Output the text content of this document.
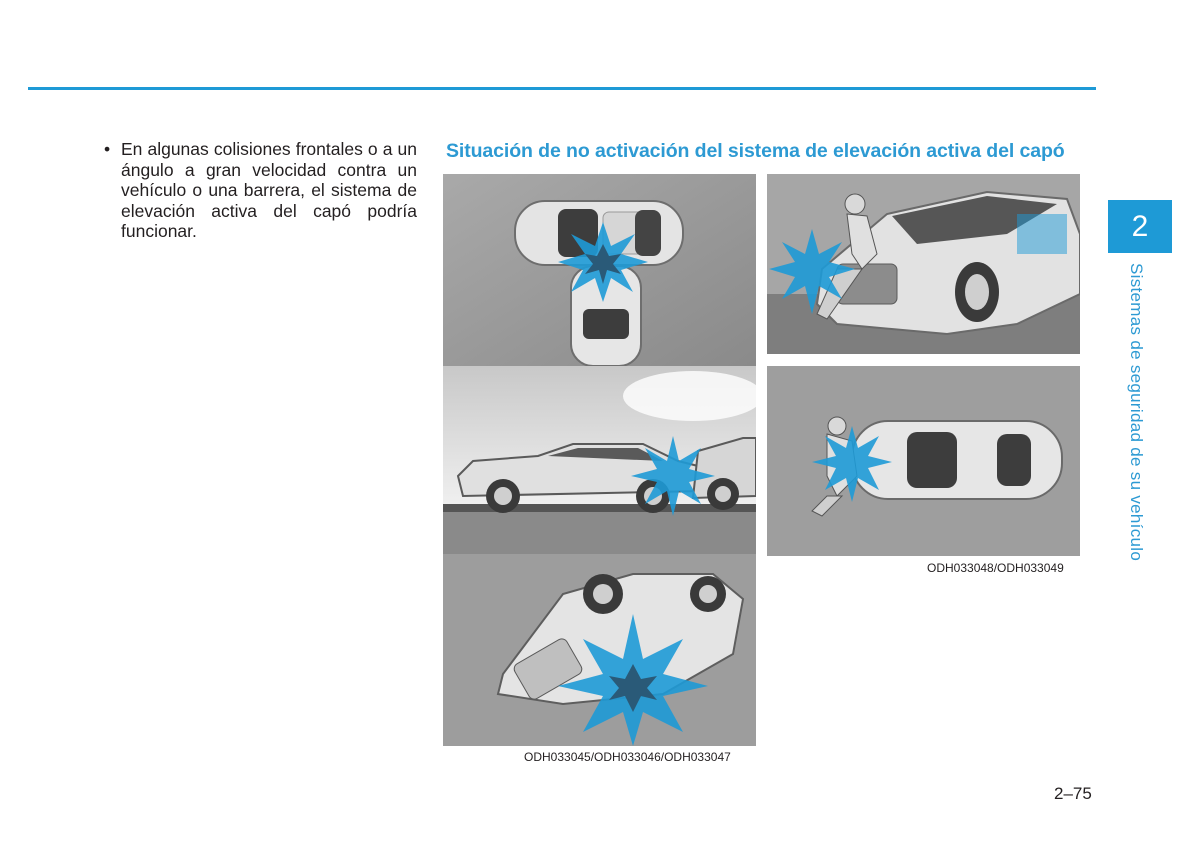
• En algunas colisiones frontales o a un ángulo a gran velocidad contra un vehículo o una barrera, el sistema de elevación activa del capó podría funcionar.
Situación de no activación del sistema de elevación activa del capó
ODH033048/ODH033049
ODH033045/ODH033046/ODH033047
2
Sistemas de seguridad de su vehículo
2–75
